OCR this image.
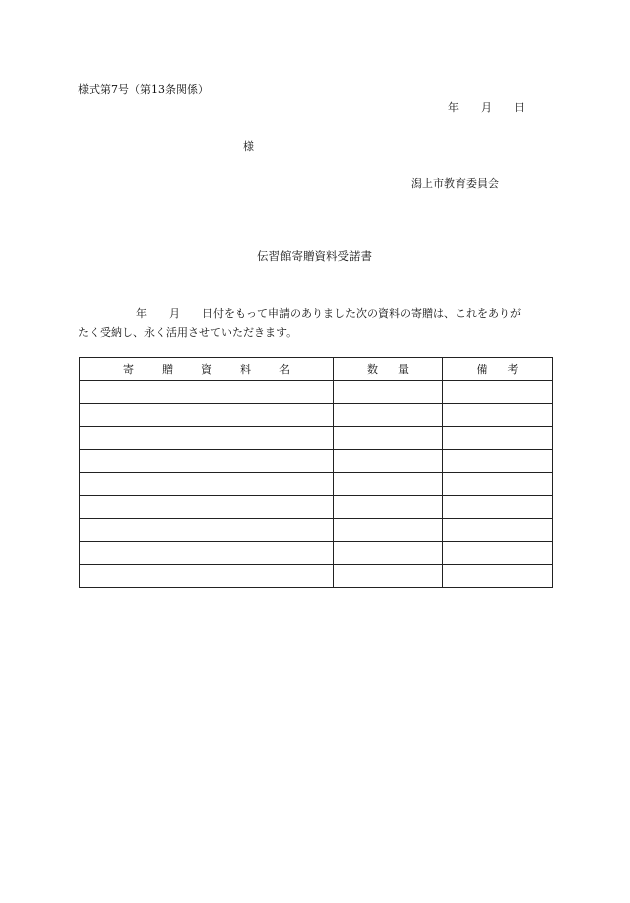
様式第7号（第13条関係）
年 月 日
様
潟上市教育委員会
伝習館寄贈資料受諾書
年 月 日付をもって申請のありました次の資料の寄贈は、これをありが
たく受納し、永く活用させていただきます。
寄贈資料名	数量	備考
